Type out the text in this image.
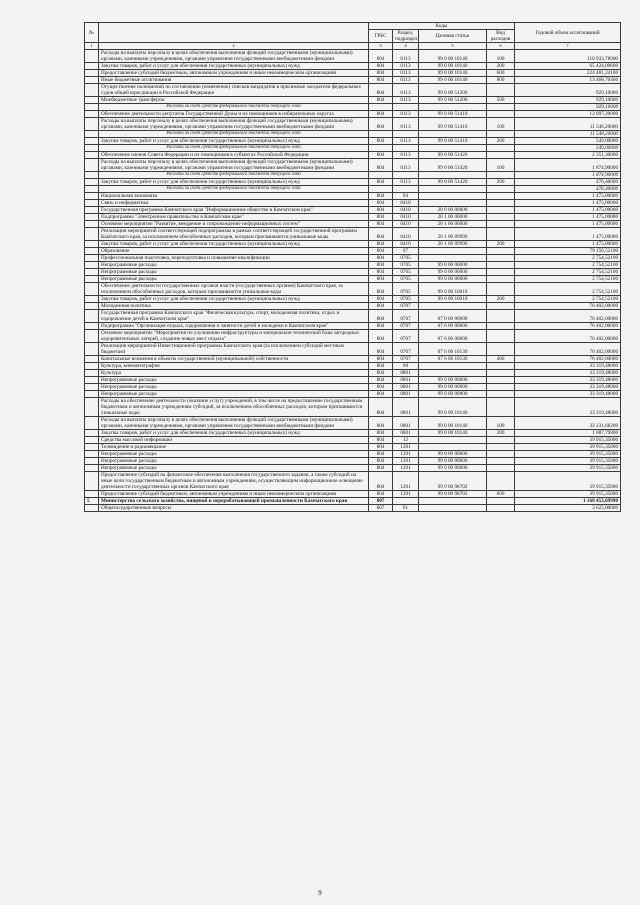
№		Коды				Годовой объем ассигнований
		ГРБС	Раздел, подраздел	Целевая статья	Вид расходов	
1	2	3	4	5	6	7
	Расходы на выплаты персоналу в целях обеспечения выполнения функций государственными (муниципальными) органами, казенными учреждениями, органами управления государственными внебюджетными фондами	804	0113	99 0 00 10140	100	110 933,78000
	Закупка товаров, работ и услуг для обеспечения государственных (муниципальных) нужд	804	0113	99 0 00 10140	200	65 424,09600
	Предоставление субсидий бюджетным, автономным учреждениям и иным некоммерческим организациям	804	0113	99 0 00 10140	600	224 481,24100
	Иные бюджетные ассигнования	804	0113	99 0 00 10140	800	13 468,70460
	Осуществление полномочий по составлению (изменению) списков кандидатов в присяжные заседатели федеральных судов общей юрисдикции в Российской Федерации	804	0113	99 0 00 51200		929,10000
	Межбюджетные трансферты	804	0113	99 0 00 51200	500	929,10000
	Расходы за счет средств федерального бюджета текущего года					929,10000
	Обеспечение деятельности депутатов Государственной Думы и их помощников в избирательных округах	804	0113	99 0 00 51410		12 097,20000
	Расходы на выплаты персоналу в целях обеспечения выполнения функций государственными (муниципальными) органами, казенными учреждениями, органами управления государственными внебюджетными фондами	804	0113	99 0 00 51410	100	11 548,20000
	Расходы за счет средств федерального бюджета текущего года					11 548,20000
	Закупка товаров, работ и услуг для обеспечения государственных (муниципальных) нужд	804	0113	99 0 00 51410	200	549,00000
	Расходы за счет средств федерального бюджета текущего года					549,00000
	Обеспечение членов Совета Федерации и их помощников в субъектах Российской Федерации	804	0113	99 0 00 51420		2 351,30000
	Расходы на выплаты персоналу в целях обеспечения выполнения функций государственными (муниципальными) органами, казенными учреждениями, органами управления государственными внебюджетными фондами	804	0113	99 0 00 51420	100	1 874,90000
	Расходы за счет средств федерального бюджета текущего года					1 874,90000
	Закупка товаров, работ и услуг для обеспечения государственных (муниципальных) нужд	804	0113	99 0 00 51420	200	476,40000
	Расходы за счет средств федерального бюджета текущего года					476,40000
	Национальная экономика	804	04			1 475,00000
	Связь и информатика	804	0410			1 475,00000
	Государственная программа Камчатского края "Информационное общество в Камчатском крае"	804	0410	20 0 00 00000		1 475,00000
	Подпрограмма "Электронное правительство в Камчатском крае"	804	0410	20 1 00 00000		1 475,00000
	Основное мероприятие "Развитие, внедрение и сопровождение информационных систем"	804	0410	20 1 06 00000		1 475,00000
	Реализация мероприятий соответствующей подпрограммы в рамках соответствующей государственной программы Камчатского края, за исключением обособленных расходов, которым присваиваются уникальные коды	804	0410	20 1 06 09990		1 475,00000
	Закупка товаров, работ и услуг для обеспечения государственных (муниципальных) нужд	804	0410	20 1 06 09990	200	1 475,00000
	Образование	804	07			79 156,52100
	Профессиональная подготовка, переподготовка и повышение квалификации	804	0705			2 754,52100
	Непрограммные расходы	804	0705	99 0 00 00000		2 754,52100
	Непрограммные расходы	804	0705	99 0 00 00000		2 754,52100
	Непрограммные расходы	804	0705	99 0 00 00000		2 754,52100
	Обеспечение деятельности государственных органов власти (государственных органов) Камчатского края, за исключением обособленных расходов, которым присваиваются уникальные коды	804	0705	99 0 00 10010		2 754,52100
	Закупка товаров, работ и услуг для обеспечения государственных (муниципальных) нужд	804	0705	99 0 00 10010	200	2 754,52100
	Молодежная политика	804	0707			76 402,00000
	Государственная программа Камчатского края "Физическая культура, спорт, молодежная политика, отдых и оздоровление детей в Камчатском крае"	804	0707	07 0 00 00000		76 402,00000
	Подпрограмма "Организация отдыха, оздоровления и занятости детей и молодежи в Камчатском крае"	804	0707	07 6 00 00000		76 402,00000
	Основное мероприятие "Мероприятия по улучшению инфраструктуры и материально-технической базы загородных оздоровительных лагерей, создание новых мест отдыха"	804	0707	07 6 06 00000		76 402,00000
	Реализация мероприятий Инвестиционной программы Камчатского края (за исключением субсидий местным бюджетам)	804	0707	07 6 06 10130		76 402,00000
	Капитальные вложения в объекты государственной (муниципальной) собственности	804	0707	07 6 06 10130	400	76 402,00000
	Культура, кинематография	804	08			33 319,48000
	Культура	804	0801			33 319,48000
	Непрограммные расходы	804	0801	99 0 00 00000		33 319,48000
	Непрограммные расходы	804	0801	99 0 00 00000		33 319,48000
	Непрограммные расходы	804	0801	99 0 00 00000		33 319,48000
	Расходы на обеспечение деятельности (оказание услуг) учреждений, в том числе на предоставление государственным бюджетным и автономным учреждениям субсидий, за исключением обособленных расходов, которым присваиваются уникальные коды	804	0801	99 0 00 10140		33 319,48000
	Расходы на выплаты персоналу в целях обеспечения выполнения функций государственными (муниципальными) органами, казенными учреждениями, органами управления государственными внебюджетными фондами	804	0801	99 0 00 10140	100	32 231,68200
	Закупка товаров, работ и услуг для обеспечения государственных (муниципальных) нужд	804	0801	99 0 00 10140	200	1 087,79800
	Средства массовой информации	804	12			39 915,35000
	Телевидение и радиовещание	804	1201			39 915,35000
	Непрограммные расходы	804	1201	99 0 00 00000		39 915,35000
	Непрограммные расходы	804	1201	99 0 00 00000		39 915,35000
	Непрограммные расходы	804	1201	99 0 00 00000		39 915,35000
	Предоставление субсидий на финансовое обеспечение выполнения государственного задания, а также субсидий на иные цели государственным бюджетным и автономным учреждениям, осуществляющим информационное освещение деятельности государственных органов Камчатского края	804	1201	99 0 00 98702		39 915,35000
	Предоставление субсидий бюджетным, автономным учреждениям и иным некоммерческим организациям	804	1201	99 0 00 98702	600	39 915,35000
5	Министерство сельского хозяйства, пищевой и перерабатывающей промышленности Камчатского края	807				1 168 453,69990
	Общегосударственные вопросы	807	01			3 625,00000
9
